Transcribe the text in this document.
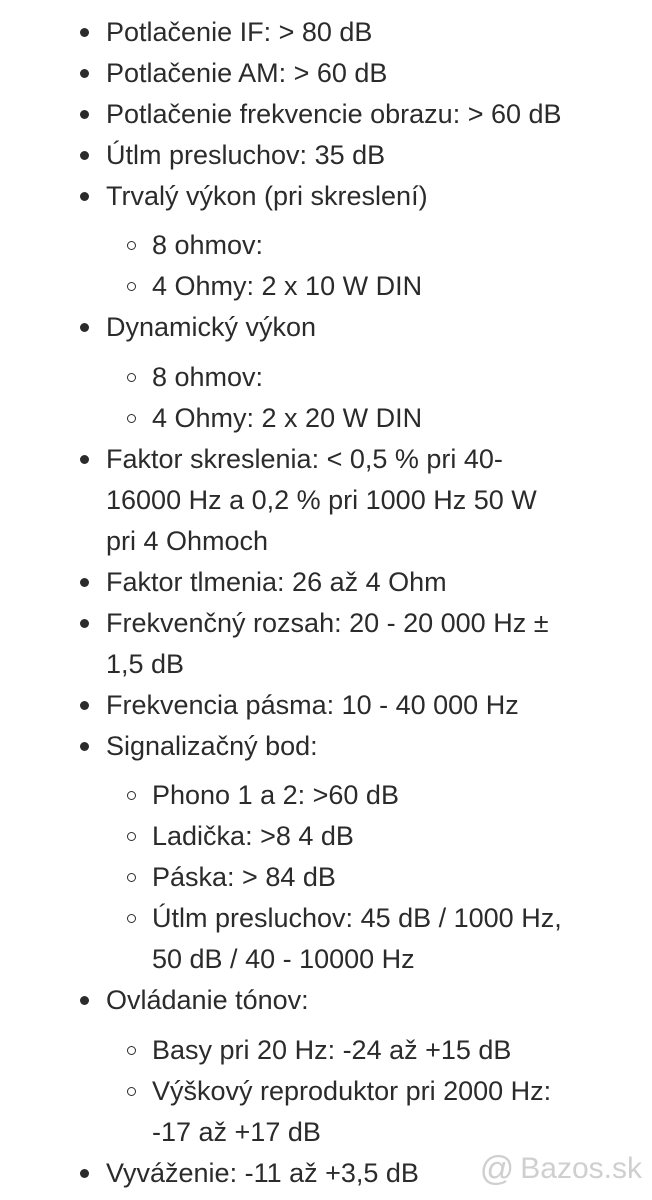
Potlačenie IF: > 80 dB
Potlačenie AM: > 60 dB
Potlačenie frekvencie obrazu: > 60 dB
Útlm presluchov: 35 dB
Trvalý výkon (pri skreslení)
8 ohmov:
4 Ohmy: 2 x 10 W DIN
Dynamický výkon
8 ohmov:
4 Ohmy: 2 x 20 W DIN
Faktor skreslenia: < 0,5 % pri 40-
16000 Hz a 0,2 % pri 1000 Hz 50 W
pri 4 Ohmoch
Faktor tlmenia: 26 až 4 Ohm
Frekvenčný rozsah: 20 - 20 000 Hz ±
1,5 dB
Frekvencia pásma: 10 - 40 000 Hz
Signalizačný bod:
Phono 1 a 2: >60 dB
Ladička: >8 4 dB
Páska: > 84 dB
Útlm presluchov: 45 dB / 1000 Hz,
50 dB / 40 - 10000 Hz
Ovládanie tónov:
Basy pri 20 Hz: -24 až +15 dB
Výškový reproduktor pri 2000 Hz:
-17 až +17 dB
Vyváženie: -11 až +3,5 dB @ Bazos.sk
